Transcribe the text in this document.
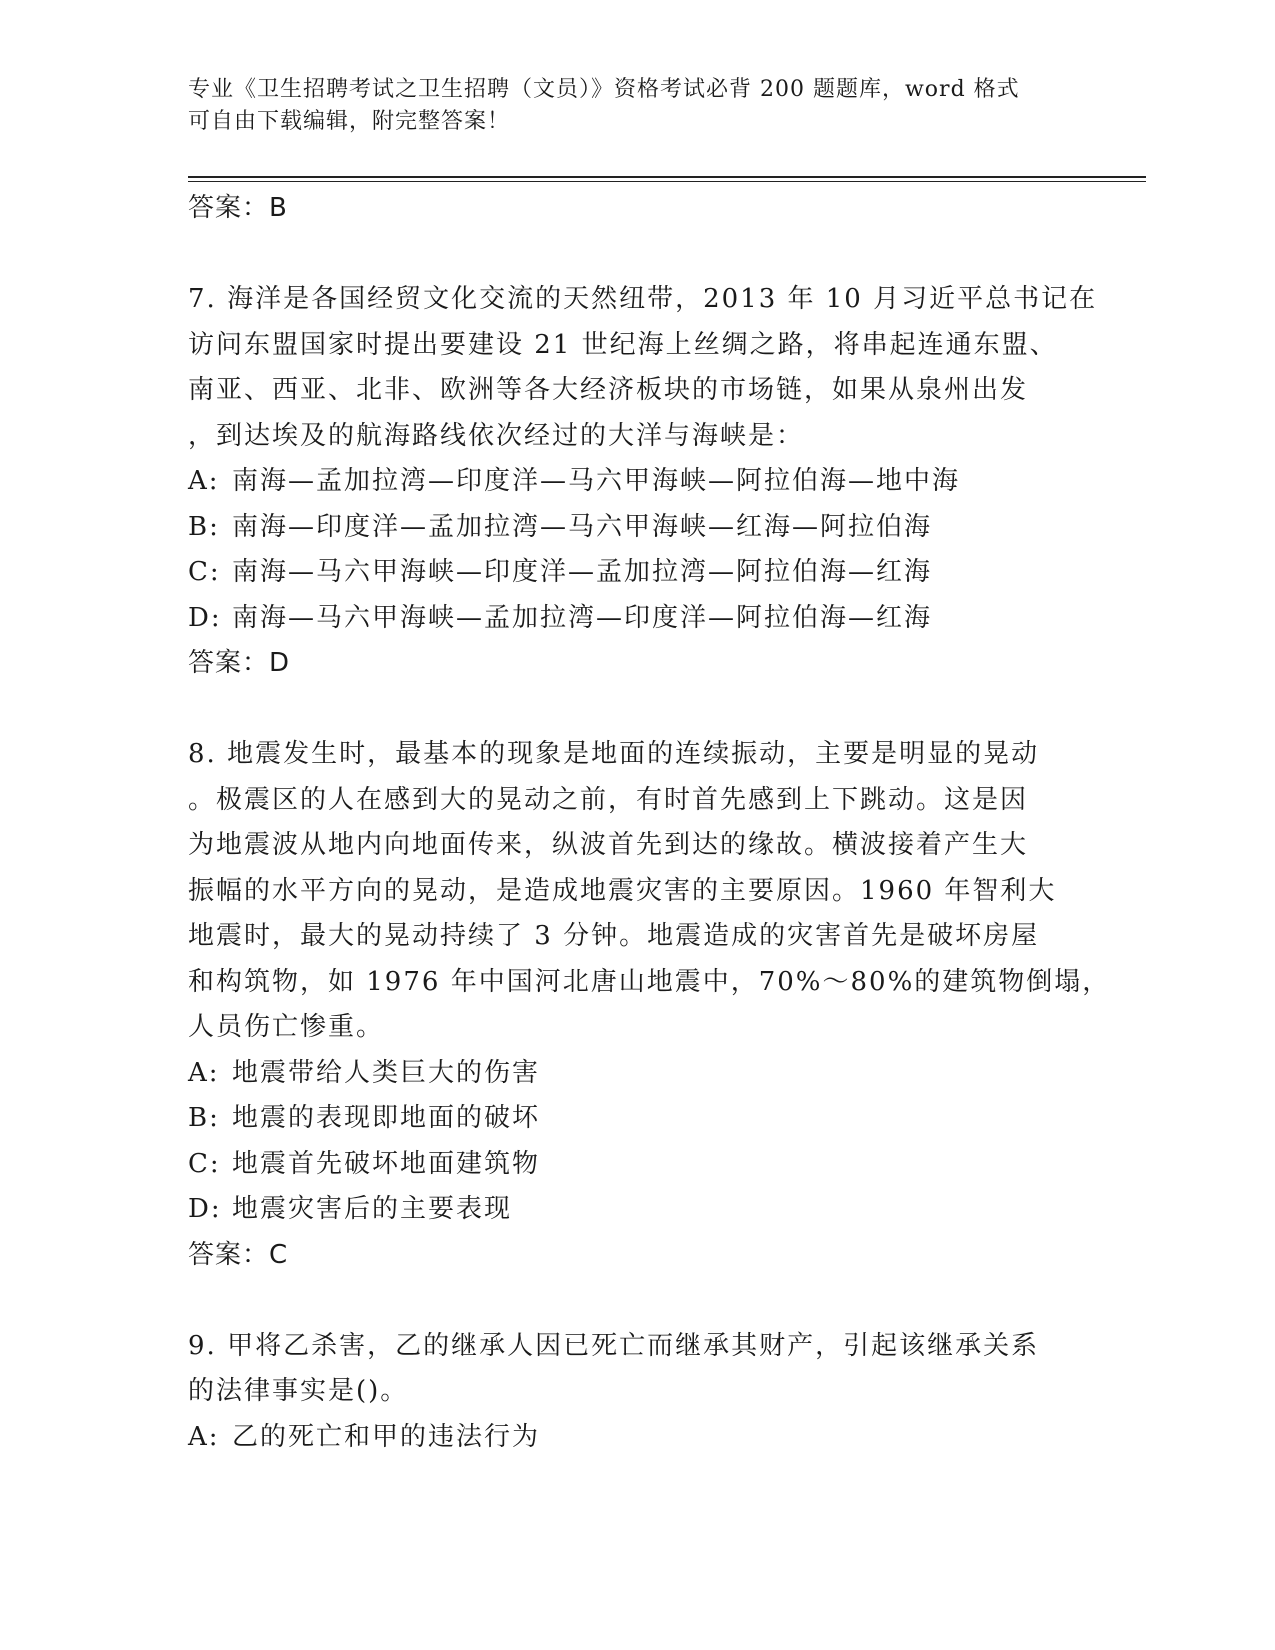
专业《卫生招聘考试之卫生招聘（文员）》资格考试必背 200 题题库，word 格式
可自由下载编辑，附完整答案！
答案：B
7. 海洋是各国经贸文化交流的天然纽带，2013 年 10 月习近平总书记在
访问东盟国家时提出要建设 21 世纪海上丝绸之路，将串起连通东盟、
南亚、西亚、北非、欧洲等各大经济板块的市场链，如果从泉州出发
，到达埃及的航海路线依次经过的大洋与海峡是：
A: 南海—孟加拉湾—印度洋—马六甲海峡—阿拉伯海—地中海
B: 南海—印度洋—孟加拉湾—马六甲海峡—红海—阿拉伯海
C: 南海—马六甲海峡—印度洋—孟加拉湾—阿拉伯海—红海
D: 南海—马六甲海峡—孟加拉湾—印度洋—阿拉伯海—红海
答案：D
8. 地震发生时，最基本的现象是地面的连续振动，主要是明显的晃动
。极震区的人在感到大的晃动之前，有时首先感到上下跳动。这是因
为地震波从地内向地面传来，纵波首先到达的缘故。横波接着产生大
振幅的水平方向的晃动，是造成地震灾害的主要原因。1960 年智利大
地震时，最大的晃动持续了 3 分钟。地震造成的灾害首先是破坏房屋
和构筑物，如 1976 年中国河北唐山地震中，70%～80%的建筑物倒塌，
人员伤亡惨重。
A: 地震带给人类巨大的伤害
B: 地震的表现即地面的破坏
C: 地震首先破坏地面建筑物
D: 地震灾害后的主要表现
答案：C
9. 甲将乙杀害，乙的继承人因已死亡而继承其财产，引起该继承关系
的法律事实是()。
A: 乙的死亡和甲的违法行为
